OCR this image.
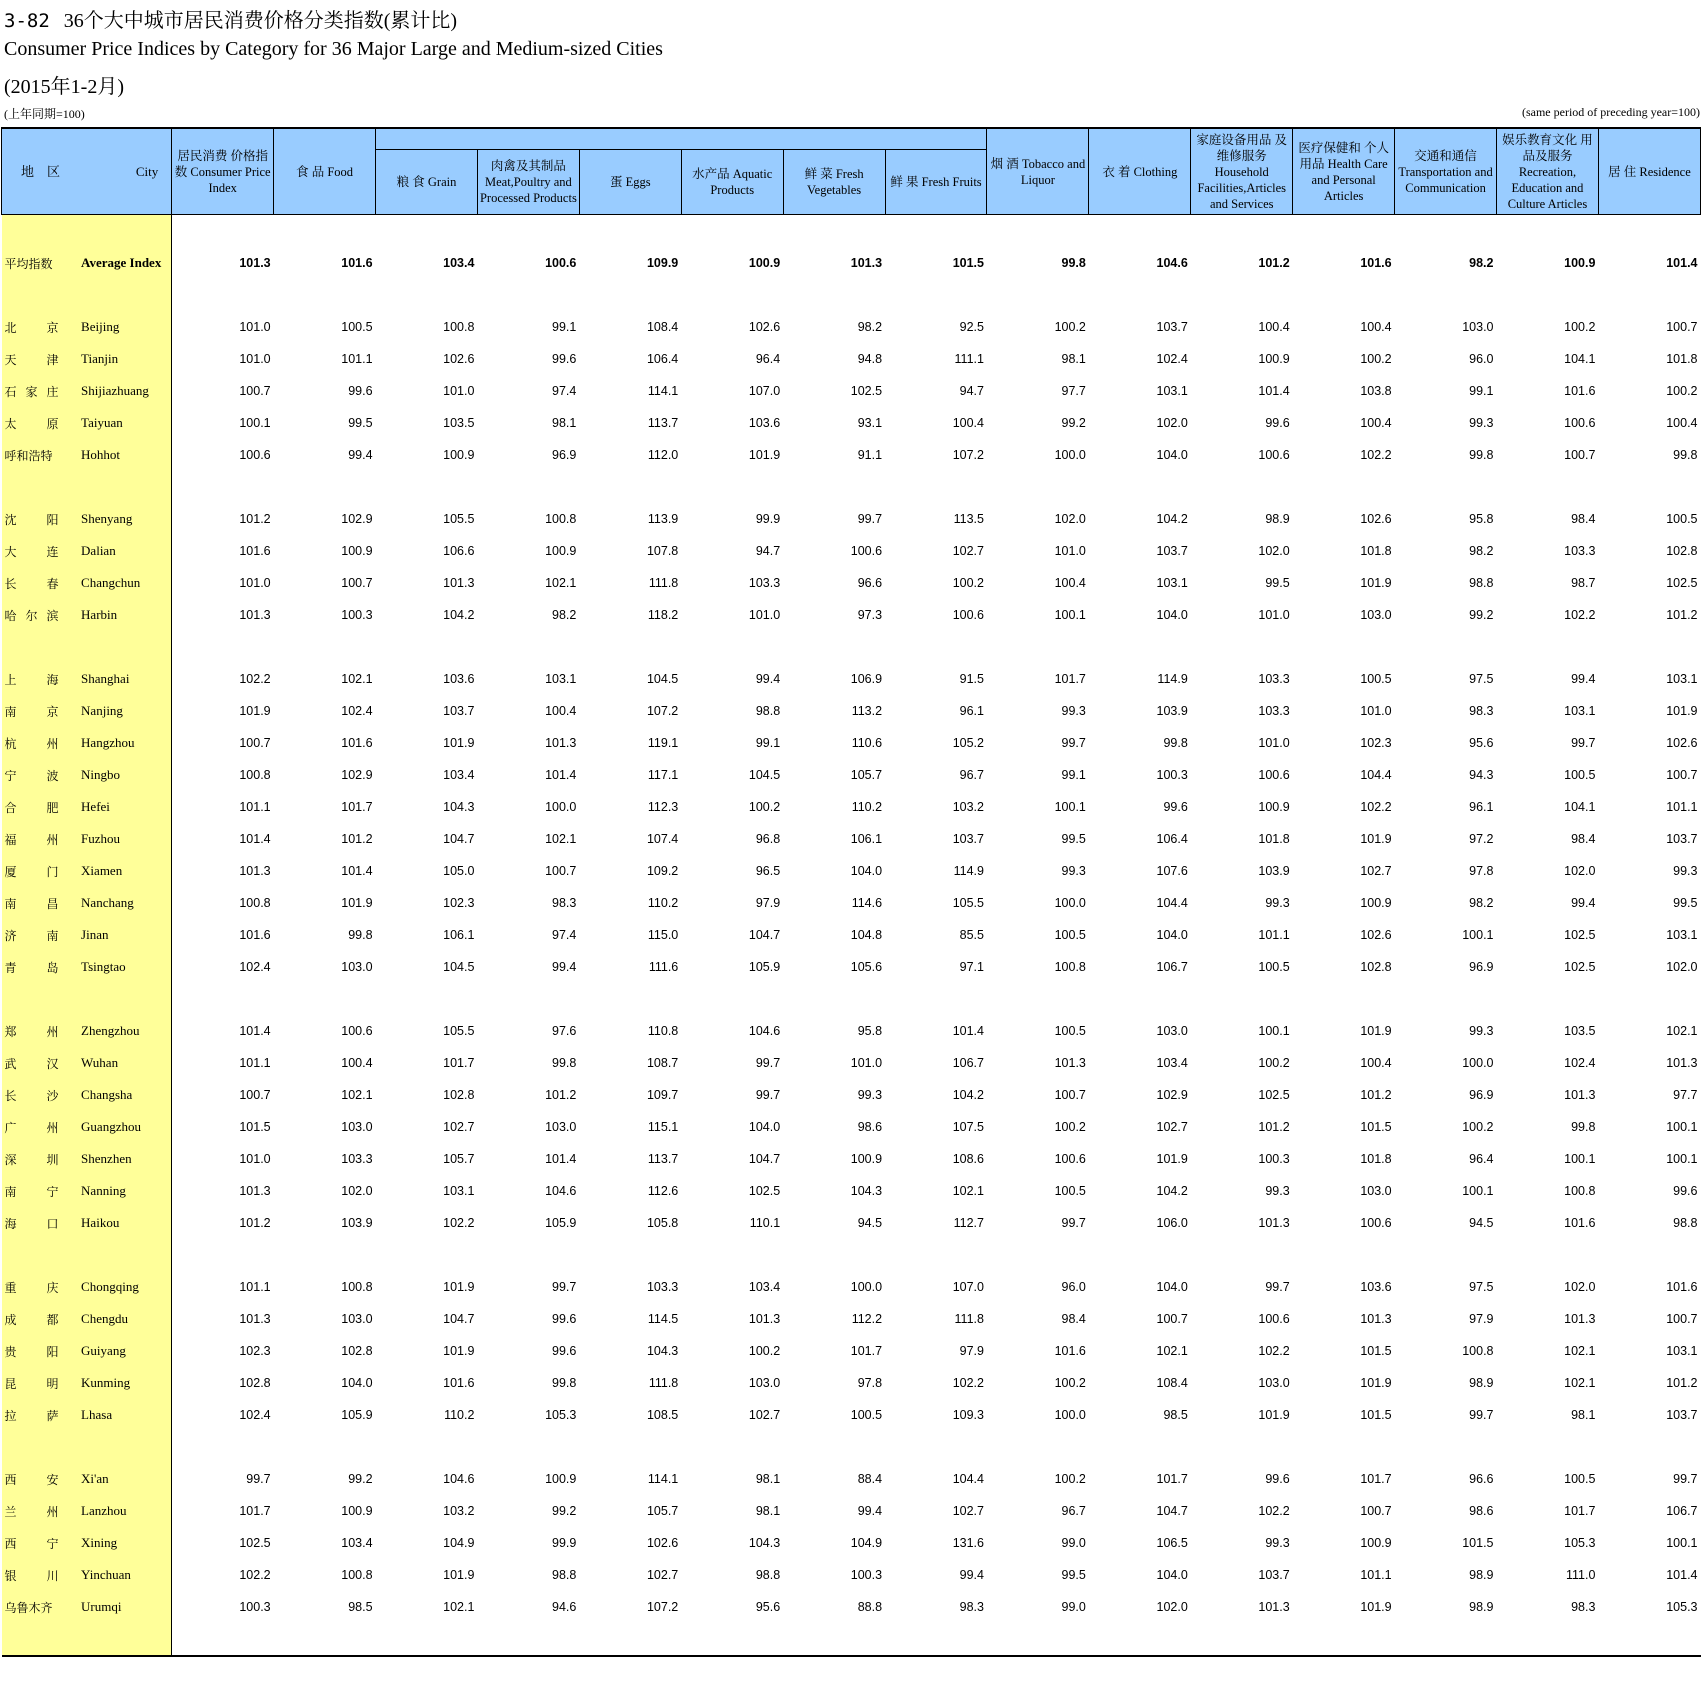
3-82 36个大中城市居民消费价格分类指数(累计比)
Consumer Price Indices by Category for 36 Major Large and Medium-sized Cities
(2015年1-2月)
(上年同期=100)	(same period of preceding year=100)
地　区 City		居民消费 价格指数 Consumer Price Index	食 品 Food							烟 酒 Tobacco and Liquor	衣 着 Clothing	家庭设备用品 及维修服务 Household Facilities,Articles and Services	医疗保健和 个人用品 Health Care and Personal Articles	交通和通信 Transportation and Communication	娱乐教育文化 用品及服务 Recreation, Education and Culture Articles	居 住 Residence
				粮 食 Grain	肉禽及其制品 Meat,Poultry and Processed Products	蛋 Eggs	水产品 Aquatic Products	鲜 菜 Fresh Vegetables	鲜 果 Fresh Fruits							

平均指数	Average Index	101.3	101.6	103.4	100.6	109.9	100.9	101.3	101.5	99.8	104.6	101.2	101.6	98.2	100.9	101.4

北 京	Beijing	101.0	100.5	100.8	99.1	108.4	102.6	98.2	92.5	100.2	103.7	100.4	100.4	103.0	100.2	100.7

天 津	Tianjin	101.0	101.1	102.6	99.6	106.4	96.4	94.8	111.1	98.1	102.4	100.9	100.2	96.0	104.1	101.8

石 家 庄	Shijiazhuang	100.7	99.6	101.0	97.4	114.1	107.0	102.5	94.7	97.7	103.1	101.4	103.8	99.1	101.6	100.2

太 原	Taiyuan	100.1	99.5	103.5	98.1	113.7	103.6	93.1	100.4	99.2	102.0	99.6	100.4	99.3	100.6	100.4

呼和浩特	Hohhot	100.6	99.4	100.9	96.9	112.0	101.9	91.1	107.2	100.0	104.0	100.6	102.2	99.8	100.7	99.8

沈 阳	Shenyang	101.2	102.9	105.5	100.8	113.9	99.9	99.7	113.5	102.0	104.2	98.9	102.6	95.8	98.4	100.5

大 连	Dalian	101.6	100.9	106.6	100.9	107.8	94.7	100.6	102.7	101.0	103.7	102.0	101.8	98.2	103.3	102.8

长 春	Changchun	101.0	100.7	101.3	102.1	111.8	103.3	96.6	100.2	100.4	103.1	99.5	101.9	98.8	98.7	102.5

哈 尔 滨	Harbin	101.3	100.3	104.2	98.2	118.2	101.0	97.3	100.6	100.1	104.0	101.0	103.0	99.2	102.2	101.2

上 海	Shanghai	102.2	102.1	103.6	103.1	104.5	99.4	106.9	91.5	101.7	114.9	103.3	100.5	97.5	99.4	103.1

南 京	Nanjing	101.9	102.4	103.7	100.4	107.2	98.8	113.2	96.1	99.3	103.9	103.3	101.0	98.3	103.1	101.9

杭 州	Hangzhou	100.7	101.6	101.9	101.3	119.1	99.1	110.6	105.2	99.7	99.8	101.0	102.3	95.6	99.7	102.6

宁 波	Ningbo	100.8	102.9	103.4	101.4	117.1	104.5	105.7	96.7	99.1	100.3	100.6	104.4	94.3	100.5	100.7

合 肥	Hefei	101.1	101.7	104.3	100.0	112.3	100.2	110.2	103.2	100.1	99.6	100.9	102.2	96.1	104.1	101.1

福 州	Fuzhou	101.4	101.2	104.7	102.1	107.4	96.8	106.1	103.7	99.5	106.4	101.8	101.9	97.2	98.4	103.7

厦 门	Xiamen	101.3	101.4	105.0	100.7	109.2	96.5	104.0	114.9	99.3	107.6	103.9	102.7	97.8	102.0	99.3

南 昌	Nanchang	100.8	101.9	102.3	98.3	110.2	97.9	114.6	105.5	100.0	104.4	99.3	100.9	98.2	99.4	99.5

济 南	Jinan	101.6	99.8	106.1	97.4	115.0	104.7	104.8	85.5	100.5	104.0	101.1	102.6	100.1	102.5	103.1

青 岛	Tsingtao	102.4	103.0	104.5	99.4	111.6	105.9	105.6	97.1	100.8	106.7	100.5	102.8	96.9	102.5	102.0

郑 州	Zhengzhou	101.4	100.6	105.5	97.6	110.8	104.6	95.8	101.4	100.5	103.0	100.1	101.9	99.3	103.5	102.1

武 汉	Wuhan	101.1	100.4	101.7	99.8	108.7	99.7	101.0	106.7	101.3	103.4	100.2	100.4	100.0	102.4	101.3

长 沙	Changsha	100.7	102.1	102.8	101.2	109.7	99.7	99.3	104.2	100.7	102.9	102.5	101.2	96.9	101.3	97.7

广 州	Guangzhou	101.5	103.0	102.7	103.0	115.1	104.0	98.6	107.5	100.2	102.7	101.2	101.5	100.2	99.8	100.1

深 圳	Shenzhen	101.0	103.3	105.7	101.4	113.7	104.7	100.9	108.6	100.6	101.9	100.3	101.8	96.4	100.1	100.1

南 宁	Nanning	101.3	102.0	103.1	104.6	112.6	102.5	104.3	102.1	100.5	104.2	99.3	103.0	100.1	100.8	99.6

海 口	Haikou	101.2	103.9	102.2	105.9	105.8	110.1	94.5	112.7	99.7	106.0	101.3	100.6	94.5	101.6	98.8

重 庆	Chongqing	101.1	100.8	101.9	99.7	103.3	103.4	100.0	107.0	96.0	104.0	99.7	103.6	97.5	102.0	101.6

成 都	Chengdu	101.3	103.0	104.7	99.6	114.5	101.3	112.2	111.8	98.4	100.7	100.6	101.3	97.9	101.3	100.7

贵 阳	Guiyang	102.3	102.8	101.9	99.6	104.3	100.2	101.7	97.9	101.6	102.1	102.2	101.5	100.8	102.1	103.1

昆 明	Kunming	102.8	104.0	101.6	99.8	111.8	103.0	97.8	102.2	100.2	108.4	103.0	101.9	98.9	102.1	101.2

拉 萨	Lhasa	102.4	105.9	110.2	105.3	108.5	102.7	100.5	109.3	100.0	98.5	101.9	101.5	99.7	98.1	103.7

西 安	Xi'an	99.7	99.2	104.6	100.9	114.1	98.1	88.4	104.4	100.2	101.7	99.6	101.7	96.6	100.5	99.7

兰 州	Lanzhou	101.7	100.9	103.2	99.2	105.7	98.1	99.4	102.7	96.7	104.7	102.2	100.7	98.6	101.7	106.7

西 宁	Xining	102.5	103.4	104.9	99.9	102.6	104.3	104.9	131.6	99.0	106.5	99.3	100.9	101.5	105.3	100.1

银 川	Yinchuan	102.2	100.8	101.9	98.8	102.7	98.8	100.3	99.4	99.5	104.0	103.7	101.1	98.9	111.0	101.4

乌鲁木齐	Urumqi	100.3	98.5	102.1	94.6	107.2	95.6	88.8	98.3	99.0	102.0	101.3	101.9	98.9	98.3	105.3
